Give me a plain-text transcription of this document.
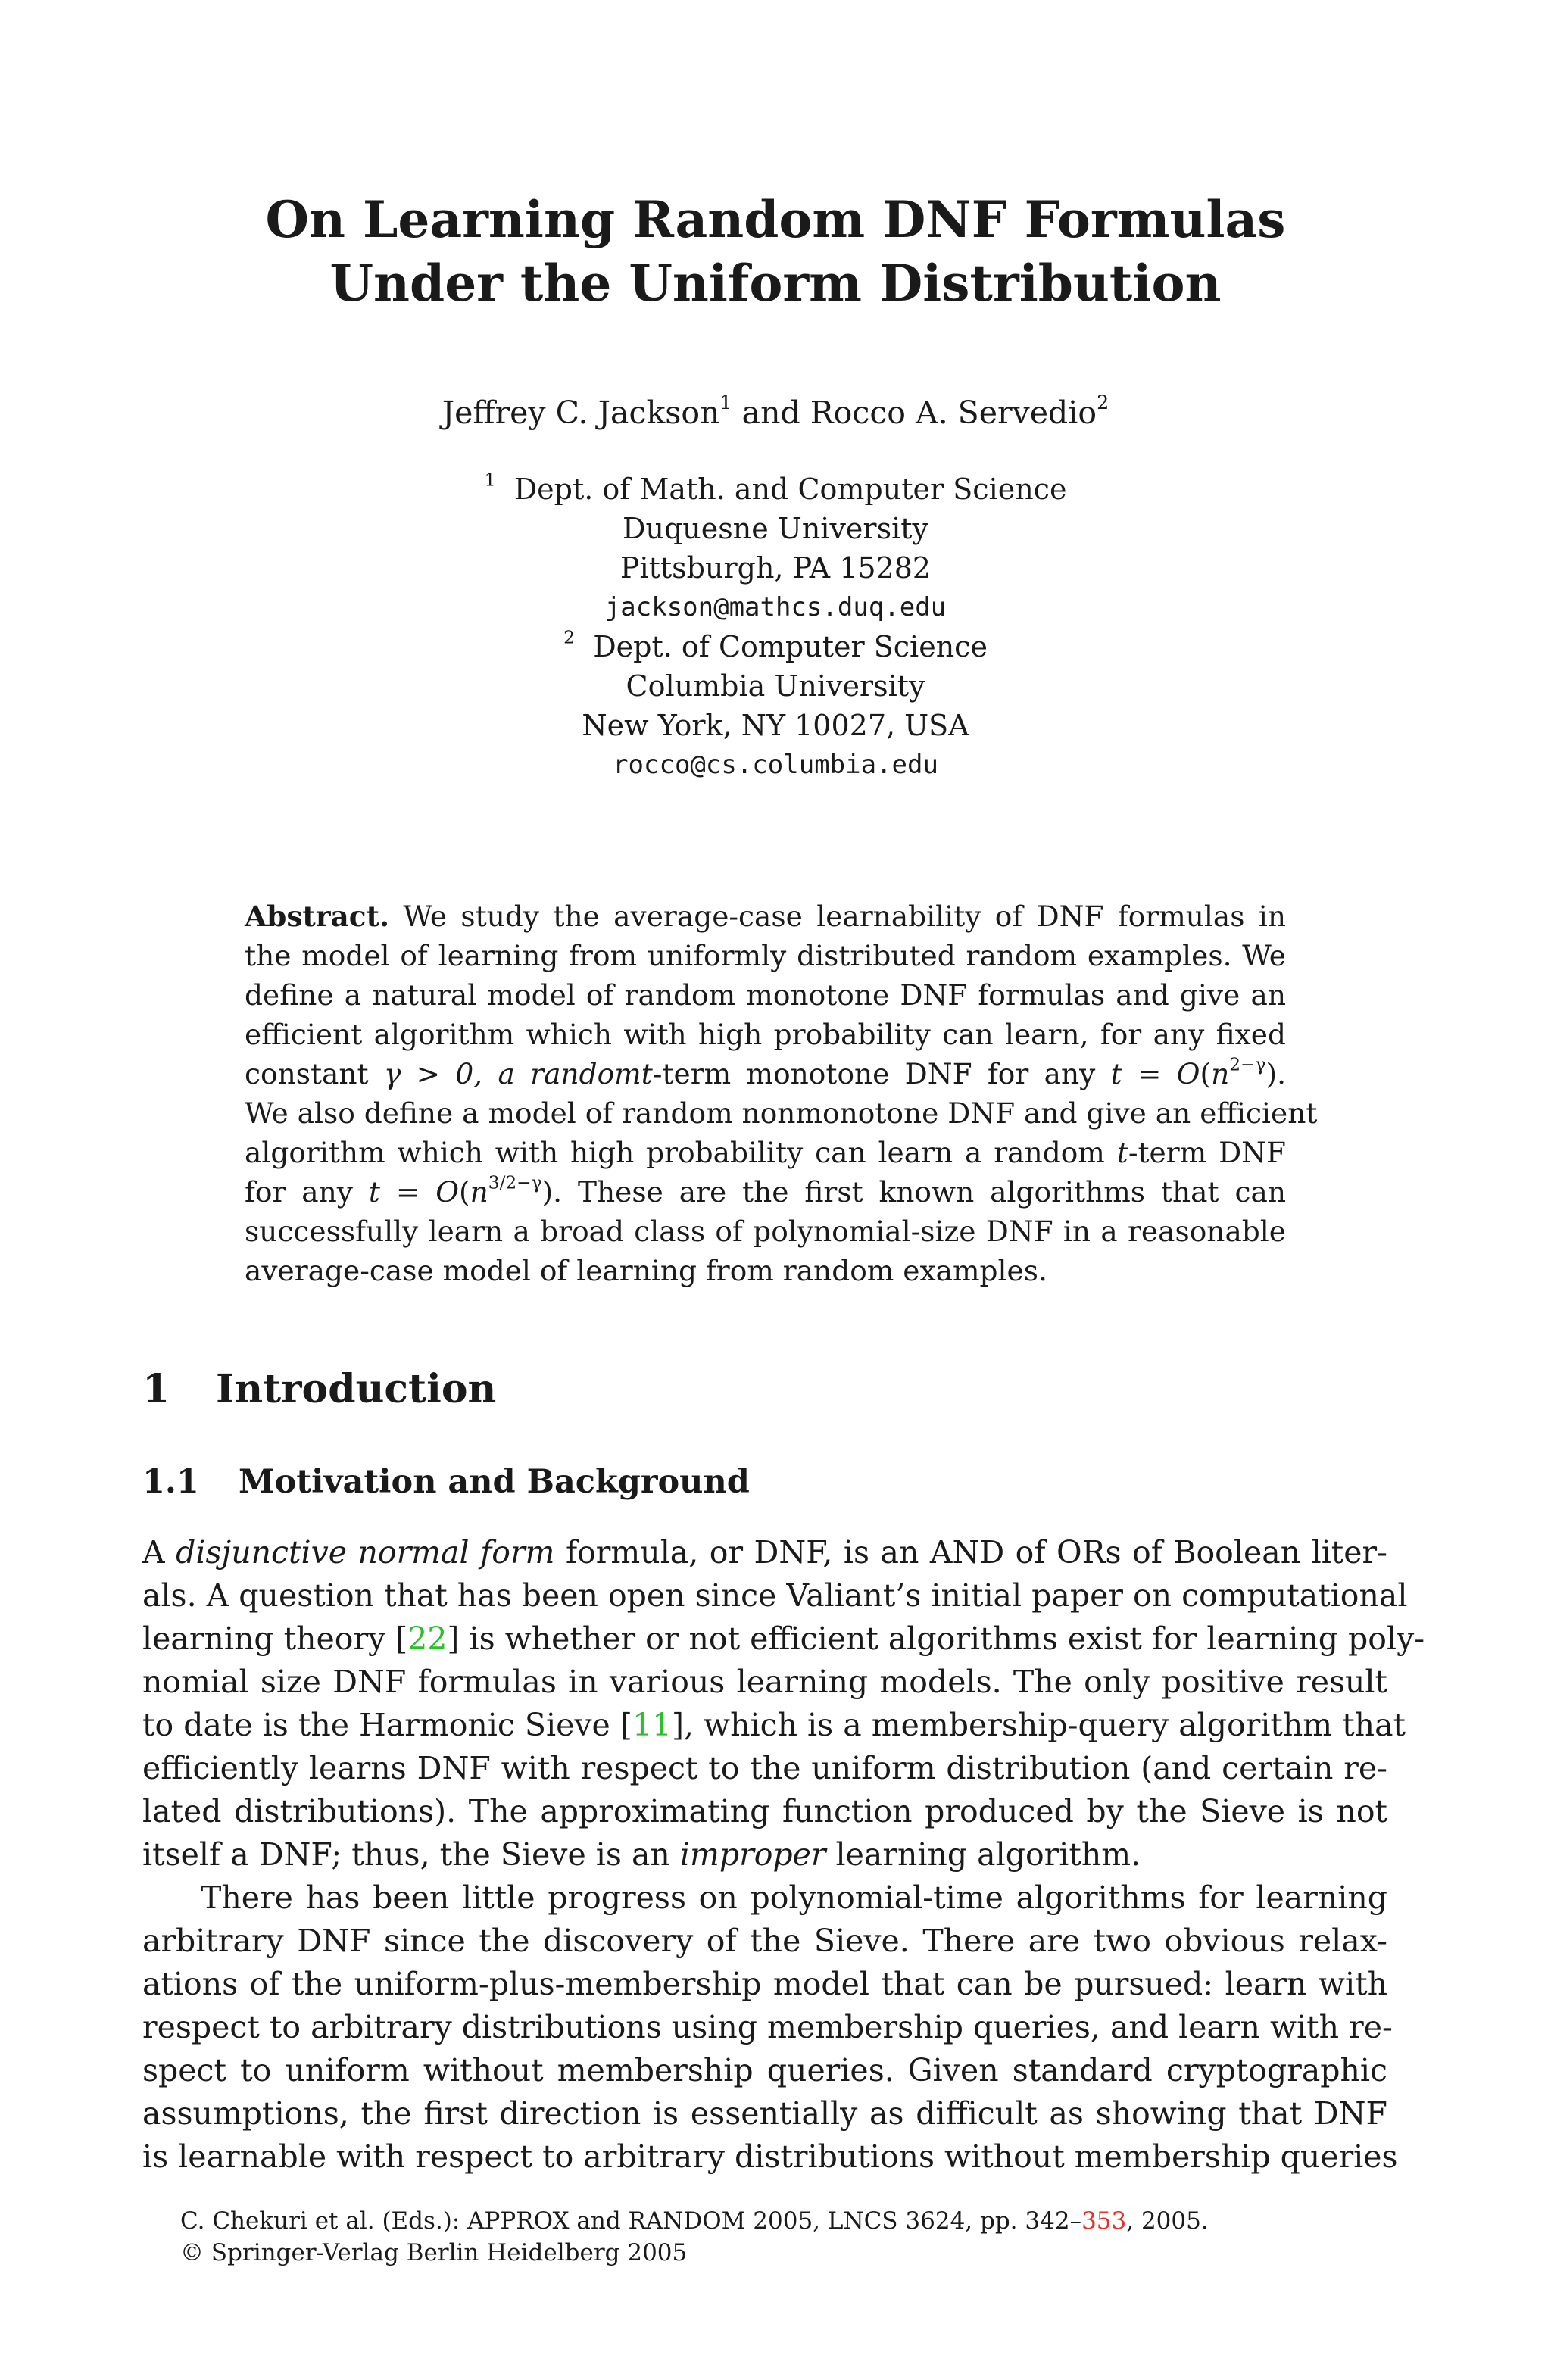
On Learning Random DNF Formulas
Under the Uniform Distribution
Jeffrey C. Jackson$^1$ and Rocco A. Servedio$^2$
$^1$ Dept. of Math. and Computer Science
Duquesne University
Pittsburgh, PA 15282
jackson@mathcs.duq.edu
$^2$ Dept. of Computer Science
Columbia University
New York, NY 10027, USA
rocco@cs.columbia.edu
Abstract. We study the average-case learnability of DNF formulas in
the model of learning from uniformly distributed random examples. We
define a natural model of random monotone DNF formulas and give an
efficient algorithm which with high probability can learn, for any fixed
constant γ > 0, a randomt-term monotone DNF for any $t = O(n^{2-\gamma})$.
We also define a model of random nonmonotone DNF and give an efficient
algorithm which with high probability can learn a random t-term DNF
for any $t = O(n^{3/2-\gamma})$. These are the first known algorithms that can
successfully learn a broad class of polynomial-size DNF in a reasonable
average-case model of learning from random examples.
1 Introduction
1.1 Motivation and Background
A disjunctive normal form formula, or DNF, is an AND of ORs of Boolean liter-
als. A question that has been open since Valiant’s initial paper on computational
learning theory [22] is whether or not efficient algorithms exist for learning poly-
nomial size DNF formulas in various learning models. The only positive result
to date is the Harmonic Sieve [11], which is a membership-query algorithm that
efficiently learns DNF with respect to the uniform distribution (and certain re-
lated distributions). The approximating function produced by the Sieve is not
itself a DNF; thus, the Sieve is an improper learning algorithm.
There has been little progress on polynomial-time algorithms for learning
arbitrary DNF since the discovery of the Sieve. There are two obvious relax-
ations of the uniform-plus-membership model that can be pursued: learn with
respect to arbitrary distributions using membership queries, and learn with re-
spect to uniform without membership queries. Given standard cryptographic
assumptions, the first direction is essentially as difficult as showing that DNF
is learnable with respect to arbitrary distributions without membership queries
C. Chekuri et al. (Eds.): APPROX and RANDOM 2005, LNCS 3624, pp. 342–353, 2005.
© Springer-Verlag Berlin Heidelberg 2005
